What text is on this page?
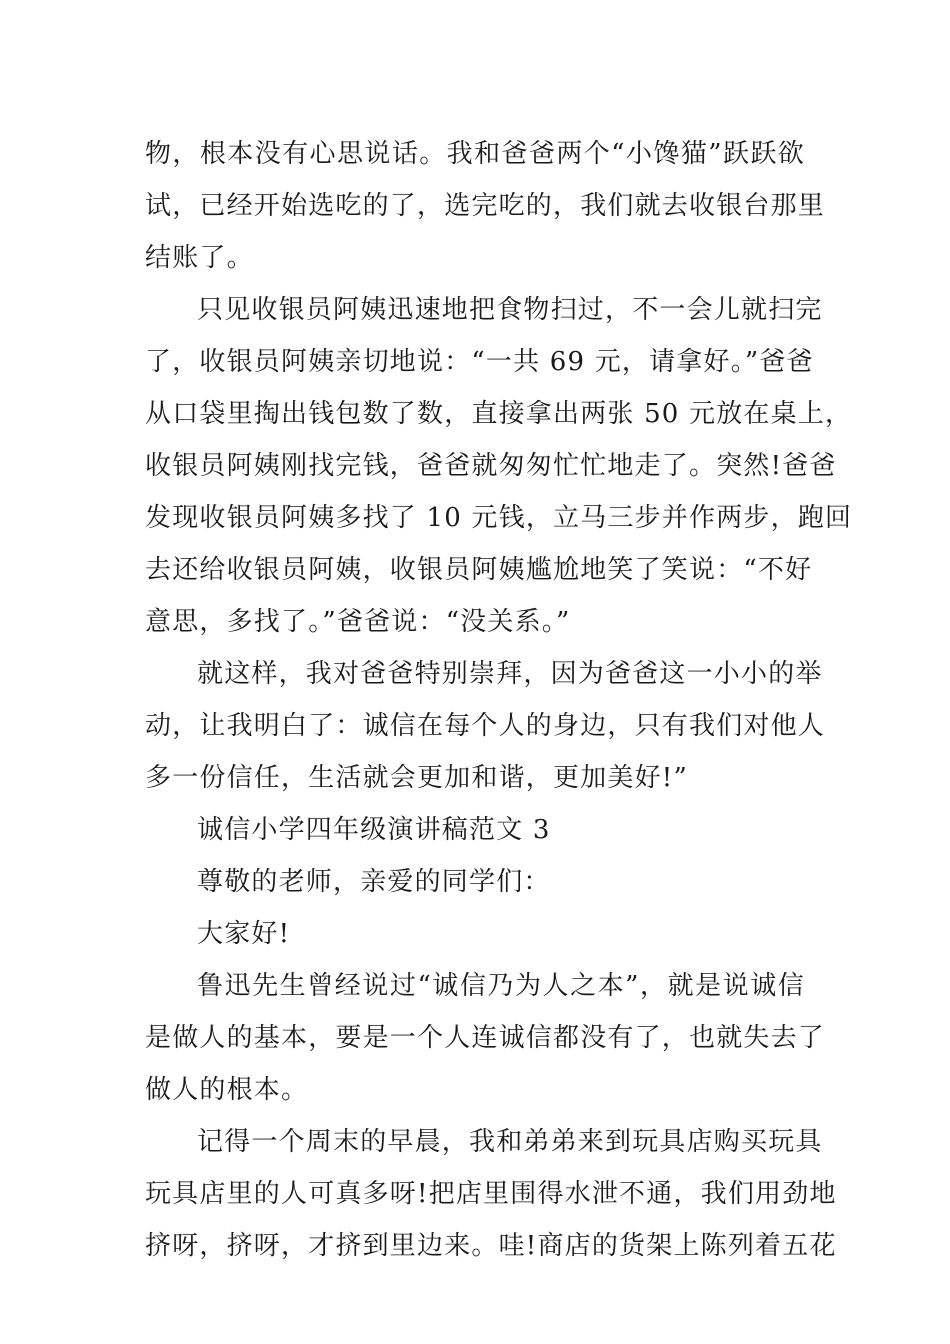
物，根本没有心思说话。我和爸爸两个“小馋猫”跃跃欲
试，已经开始选吃的了，选完吃的，我们就去收银台那里
结账了。
只见收银员阿姨迅速地把食物扫过，不一会儿就扫完
了，收银员阿姨亲切地说：“一共 69 元，请拿好。”爸爸
从口袋里掏出钱包数了数，直接拿出两张 50 元放在桌上，
收银员阿姨刚找完钱，爸爸就匆匆忙忙地走了。突然!爸爸
发现收银员阿姨多找了 10 元钱，立马三步并作两步，跑回
去还给收银员阿姨，收银员阿姨尴尬地笑了笑说：“不好
意思，多找了。”爸爸说：“没关系。”
就这样，我对爸爸特别崇拜，因为爸爸这一小小的举
动，让我明白了：诚信在每个人的身边，只有我们对他人
多一份信任，生活就会更加和谐，更加美好!”
诚信小学四年级演讲稿范文 3
尊敬的老师，亲爱的同学们：
大家好!
鲁迅先生曾经说过“诚信乃为人之本”，就是说诚信
是做人的基本，要是一个人连诚信都没有了，也就失去了
做人的根本。
记得一个周末的早晨，我和弟弟来到玩具店购买玩具
玩具店里的人可真多呀!把店里围得水泄不通，我们用劲地
挤呀，挤呀，才挤到里边来。哇!商店的货架上陈列着五花
